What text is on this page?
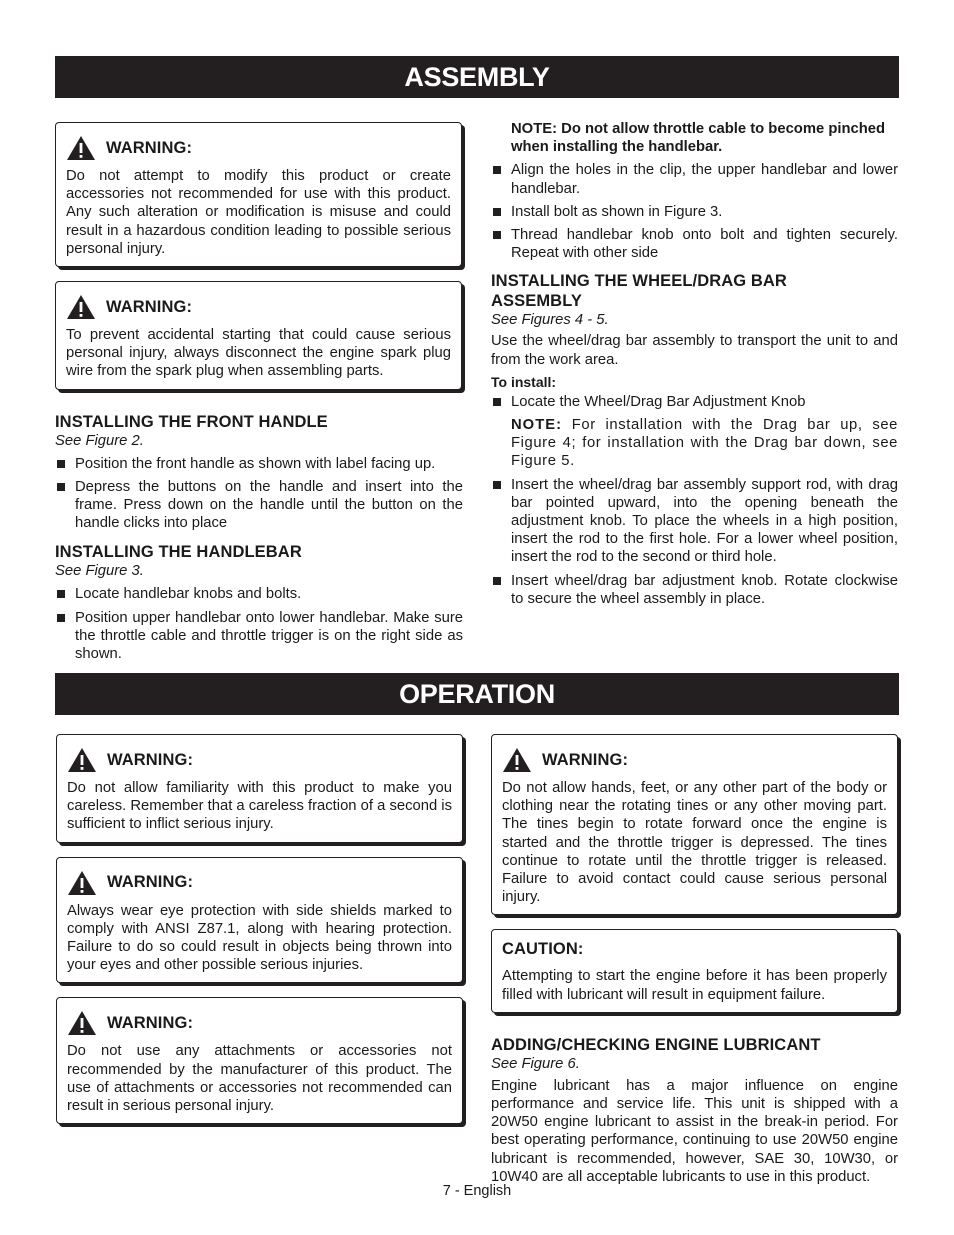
ASSEMBLY
WARNING:
Do not attempt to modify this product or create accessories not recommended for use with this product. Any such alteration or modification is misuse and could result in a hazardous condition leading to possible serious personal injury.
WARNING:
To prevent accidental starting that could cause serious personal injury, always disconnect the engine spark plug wire from the spark plug when assembling parts.
INSTALLING THE FRONT HANDLE
See Figure 2.
Position the front handle as shown with label facing up.
Depress the buttons on the handle and insert into the frame. Press down on the handle until the button on the handle clicks into place
INSTALLING THE HANDLEBAR
See Figure 3.
Locate handlebar knobs and bolts.
Position upper handlebar onto lower handlebar. Make sure the throttle cable and throttle trigger is on the right side as shown.
NOTE: Do not allow throttle cable to become pinched when installing the handlebar.
Align the holes in the clip, the upper handlebar and lower handlebar.
Install bolt as shown in Figure 3.
Thread handlebar knob onto bolt and tighten securely. Repeat with other side
INSTALLING THE WHEEL/DRAG BAR ASSEMBLY
See Figures 4 - 5.

Use the wheel/drag bar assembly to transport the unit to and from the work area.

To install:
Locate the Wheel/Drag Bar Adjustment Knob
NOTE: For installation with the Drag bar up, see Figure 4; for installation with the Drag bar down, see Figure 5.
Insert the wheel/drag bar assembly support rod, with drag bar pointed upward, into the opening beneath the adjustment knob. To place the wheels in a high position, insert the rod to the first hole. For a lower wheel position, insert the rod to the second or third hole.
Insert wheel/drag bar adjustment knob. Rotate clockwise to secure the wheel assembly in place.
OPERATION
WARNING:
Do not allow familiarity with this product to make you careless. Remember that a careless fraction of a second is sufficient to inflict serious injury.
WARNING:
Always wear eye protection with side shields marked to comply with ANSI Z87.1, along with hearing protection. Failure to do so could result in objects being thrown into your eyes and other possible serious injuries.
WARNING:
Do not use any attachments or accessories not recommended by the manufacturer of this product. The use of attachments or accessories not recommended can result in serious personal injury.
WARNING:
Do not allow hands, feet, or any other part of the body or clothing near the rotating tines or any other moving part. The tines begin to rotate forward once the engine is started and the throttle trigger is depressed. The tines continue to rotate until the throttle trigger is released. Failure to avoid contact could cause serious personal injury.
CAUTION:
Attempting to start the engine before it has been properly filled with lubricant will result in equipment failure.
ADDING/CHECKING ENGINE LUBRICANT
See Figure 6.

Engine lubricant has a major influence on engine performance and service life. This unit is shipped with a 20W50 engine lubricant to assist in the break-in period. For best operating performance, continuing to use 20W50 engine lubricant is recommended, however, SAE 30, 10W30, or 10W40 are all acceptable lubricants to use in this product.

7 - English
